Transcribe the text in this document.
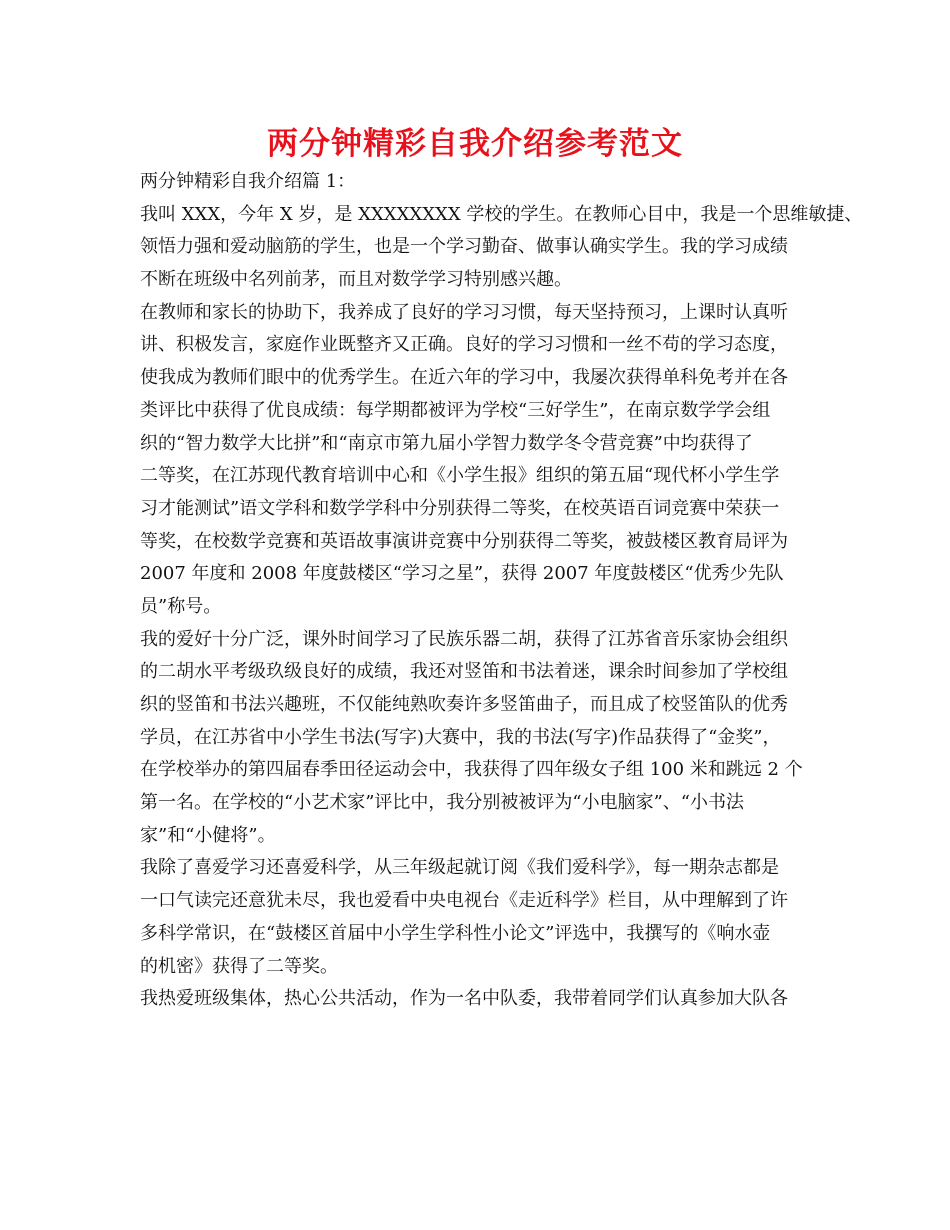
两分钟精彩自我介绍参考范文
两分钟精彩自我介绍篇 1：
我叫 XXX，今年 X 岁，是 XXXXXXXX 学校的学生。在教师心目中，我是一个思维敏捷、
领悟力强和爱动脑筋的学生，也是一个学习勤奋、做事认确实学生。我的学习成绩
不断在班级中名列前茅，而且对数学学习特别感兴趣。
在教师和家长的协助下，我养成了良好的学习习惯，每天坚持预习，上课时认真听
讲、积极发言，家庭作业既整齐又正确。良好的学习习惯和一丝不苟的学习态度，
使我成为教师们眼中的优秀学生。在近六年的学习中，我屡次获得单科免考并在各
类评比中获得了优良成绩：每学期都被评为学校“三好学生”，在南京数学学会组
织的“智力数学大比拼”和“南京市第九届小学智力数学冬令营竞赛”中均获得了
二等奖，在江苏现代教育培训中心和《小学生报》组织的第五届“现代杯小学生学
习才能测试”语文学科和数学学科中分别获得二等奖，在校英语百词竞赛中荣获一
等奖，在校数学竞赛和英语故事演讲竞赛中分别获得二等奖，被鼓楼区教育局评为
2007 年度和 2008 年度鼓楼区“学习之星”，获得 2007 年度鼓楼区“优秀少先队
员”称号。
我的爱好十分广泛，课外时间学习了民族乐器二胡，获得了江苏省音乐家协会组织
的二胡水平考级玖级良好的成绩，我还对竖笛和书法着迷，课余时间参加了学校组
织的竖笛和书法兴趣班，不仅能纯熟吹奏许多竖笛曲子，而且成了校竖笛队的优秀
学员，在江苏省中小学生书法(写字)大赛中，我的书法(写字)作品获得了“金奖”，
在学校举办的第四届春季田径运动会中，我获得了四年级女子组 100 米和跳远 2 个
第一名。在学校的“小艺术家”评比中，我分别被被评为“小电脑家”、“小书法
家”和“小健将”。
我除了喜爱学习还喜爱科学，从三年级起就订阅《我们爱科学》，每一期杂志都是
一口气读完还意犹未尽，我也爱看中央电视台《走近科学》栏目，从中理解到了许
多科学常识，在“鼓楼区首届中小学生学科性小论文”评选中，我撰写的《响水壶
的机密》获得了二等奖。
我热爱班级集体，热心公共活动，作为一名中队委，我带着同学们认真参加大队各
